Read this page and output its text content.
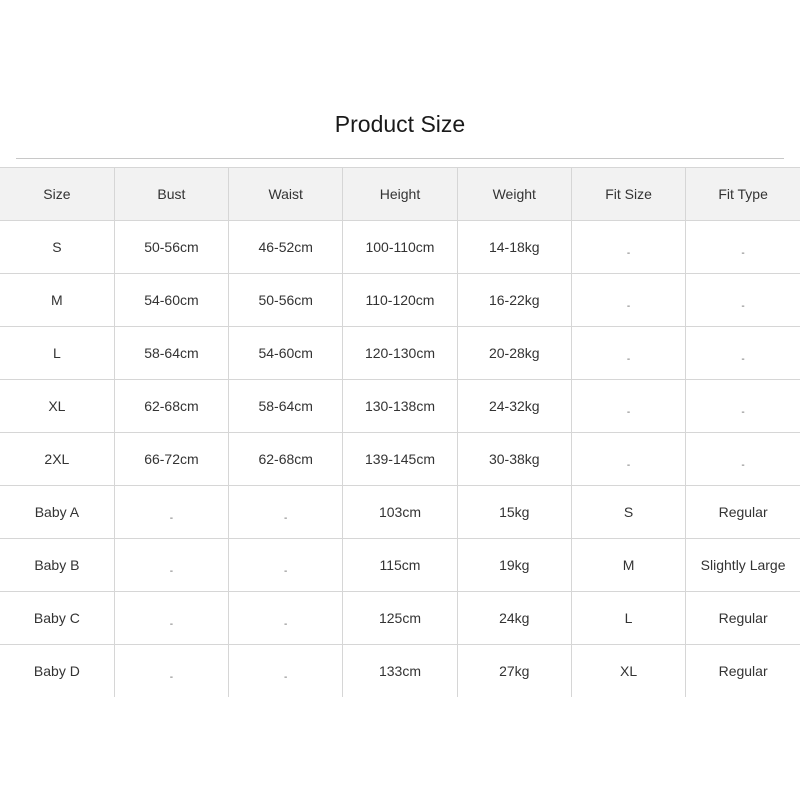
Product Size
Size	Bust	Waist	Height	Weight	Fit Size	Fit Type
S	50-56cm	46-52cm	100-110cm	14-18kg	-	-
M	54-60cm	50-56cm	110-120cm	16-22kg	-	-
L	58-64cm	54-60cm	120-130cm	20-28kg	-	-
XL	62-68cm	58-64cm	130-138cm	24-32kg	-	-
2XL	66-72cm	62-68cm	139-145cm	30-38kg	-	-
Baby A	-	-	103cm	15kg	S	Regular
Baby B	-	-	115cm	19kg	M	Slightly Large
Baby C	-	-	125cm	24kg	L	Regular
Baby D	-	-	133cm	27kg	XL	Regular
